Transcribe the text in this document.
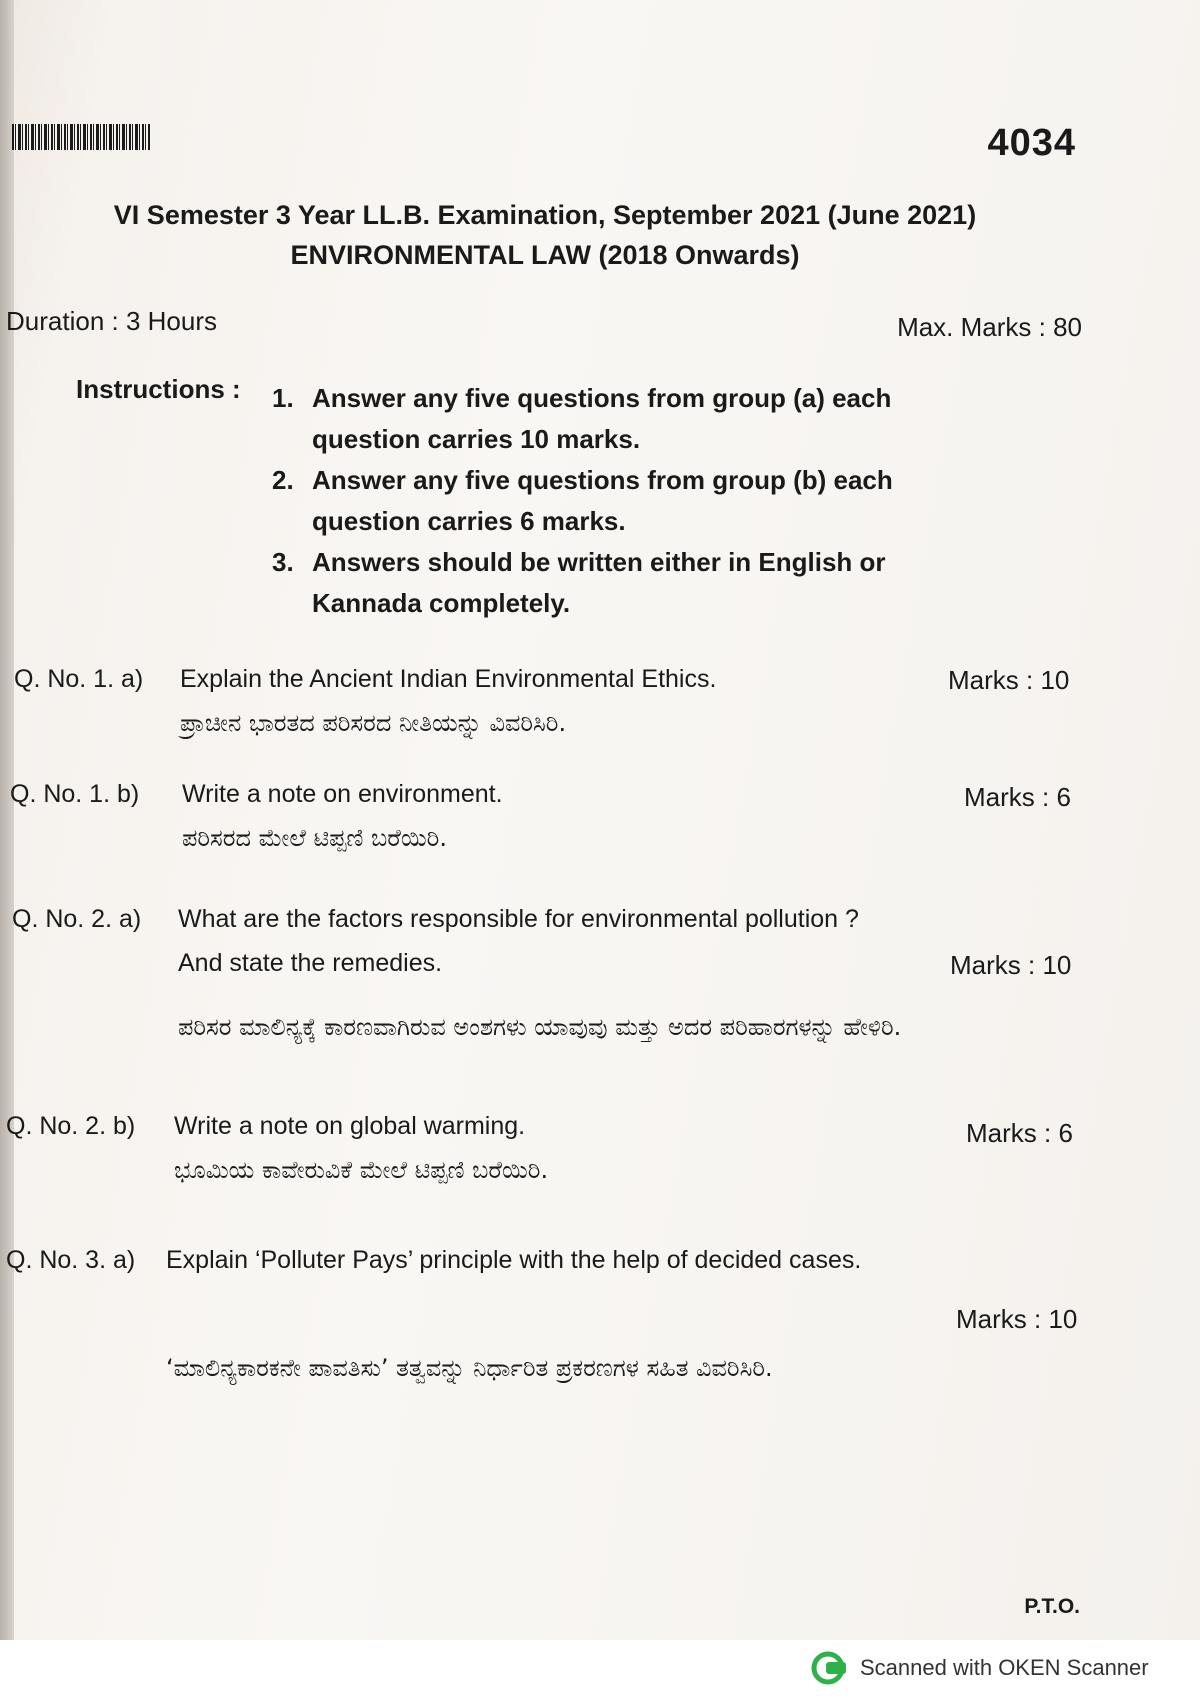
4034
VI Semester 3 Year LL.B. Examination, September 2021 (June 2021)
ENVIRONMENTAL LAW (2018 Onwards)
Duration : 3 Hours	Max. Marks : 80
Instructions : 1. Answer any five questions from group (a) each question carries 10 marks.
2. Answer any five questions from group (b) each question carries 6 marks.
3. Answers should be written either in English or Kannada completely.
Q. No. 1. a) Explain the Ancient Indian Environmental Ethics.
ಪ್ರಾಚೀನ ಭಾರತದ ಪರಿಸರದ ನೀತಿಯನ್ನು ವಿವರಿಸಿರಿ.
Marks : 10
Q. No. 1. b) Write a note on environment.
ಪರಿಸರದ ಮೇಲೆ ಟಿಪ್ಪಣಿ ಬರೆಯಿರಿ.
Marks : 6
Q. No. 2. a) What are the factors responsible for environmental pollution ? And state the remedies.
ಪರಿಸರ ಮಾಲಿನ್ಯಕ್ಕೆ ಕಾರಣವಾಗಿರುವ ಅಂಶಗಳು ಯಾವುವು ಮತ್ತು ಅದರ ಪರಿಹಾರಗಳನ್ನು ಹೇಳಿರಿ.
Marks : 10
Q. No. 2. b) Write a note on global warming.
ಭೂಮಿಯ ಕಾವೇರುವಿಕೆ ಮೇಲೆ ಟಿಪ್ಪಣಿ ಬರೆಯಿರಿ.
Marks : 6
Q. No. 3. a) Explain ‘Polluter Pays’ principle with the help of decided cases.
‘ಮಾಲಿನ್ಯಕಾರಕನೇ ಪಾವತಿಸು’ ತತ್ವವನ್ನು ನಿರ್ಧಾರಿತ ಪ್ರಕರಣಗಳ ಸಹಿತ ವಿವರಿಸಿರಿ.
Marks : 10
P.T.O.
Scanned with OKEN Scanner
